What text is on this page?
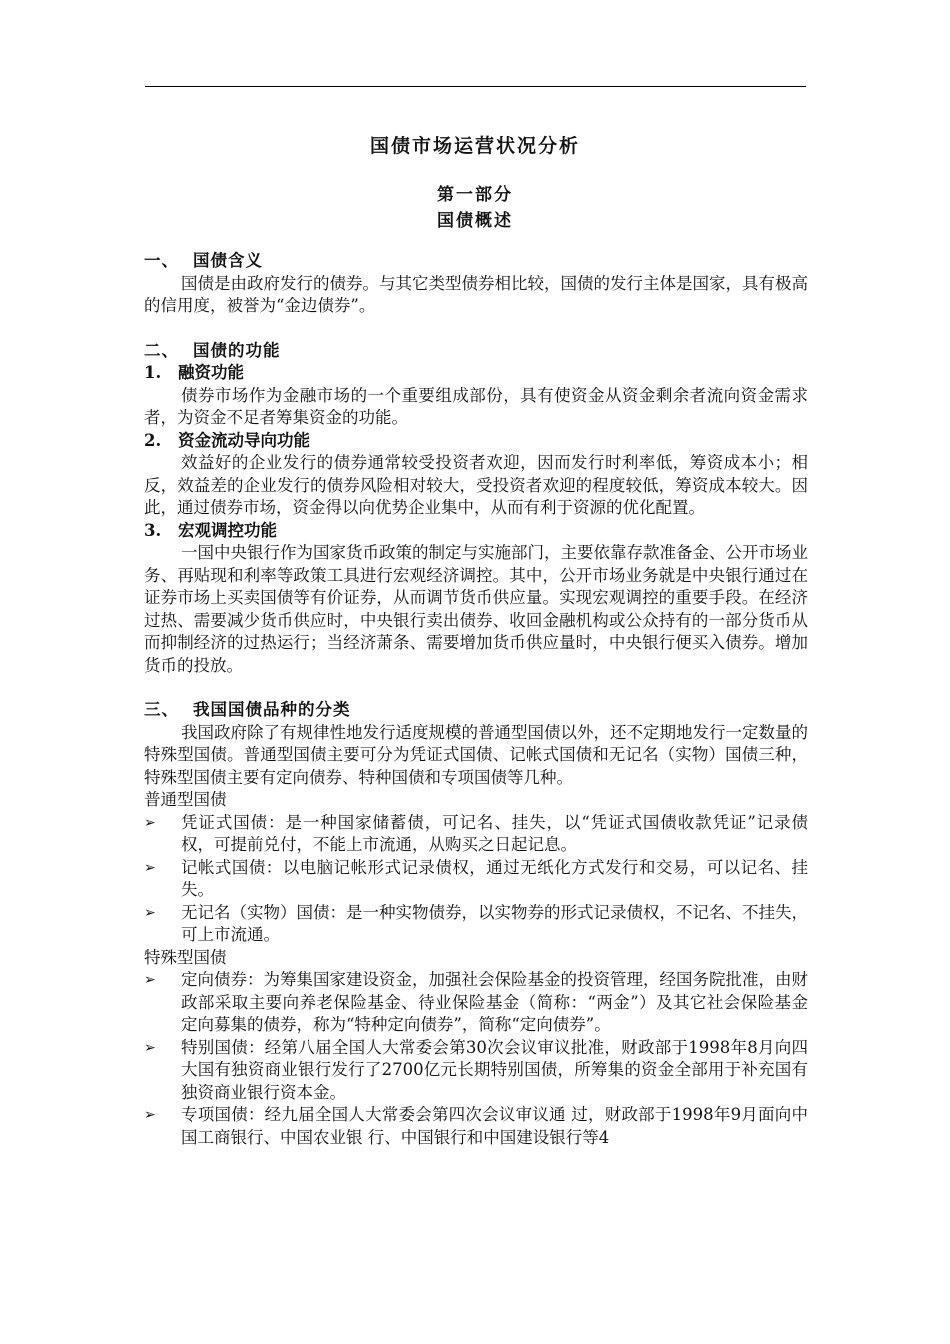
国债市场运营状况分析
第一部分
国债概述
一、 国债含义

国债是由政府发行的债券。与其它类型债券相比较，国债的发行主体是国家，具有极高的信用度，被誉为“金边债券”。

二、 国债的功能
1. 融资功能

债券市场作为金融市场的一个重要组成部份，具有使资金从资金剩余者流向资金需求者，为资金不足者筹集资金的功能。

2. 资金流动导向功能

效益好的企业发行的债券通常较受投资者欢迎，因而发行时利率低，筹资成本小；相反，效益差的企业发行的债券风险相对较大，受投资者欢迎的程度较低，筹资成本较大。因此，通过债券市场，资金得以向优势企业集中，从而有利于资源的优化配置。

3. 宏观调控功能

一国中央银行作为国家货币政策的制定与实施部门，主要依靠存款准备金、公开市场业务、再贴现和利率等政策工具进行宏观经济调控。其中，公开市场业务就是中央银行通过在证券市场上买卖国债等有价证券，从而调节货币供应量。实现宏观调控的重要手段。在经济过热、需要减少货币供应时，中央银行卖出债券、收回金融机构或公众持有的一部分货币从而抑制经济的过热运行；当经济萧条、需要增加货币供应量时，中央银行便买入债券。增加货币的投放。

三、 我国国债品种的分类

我国政府除了有规律性地发行适度规模的普通型国债以外，还不定期地发行一定数量的特殊型国债。普通型国债主要可分为凭证式国债、记帐式国债和无记名（实物）国债三种，特殊型国债主要有定向债券、特种国债和专项国债等几种。

普通型国债

➢ 凭证式国债：是一种国家储蓄债，可记名、挂失，以“凭证式国债收款凭证”记录债权，可提前兑付，不能上市流通，从购买之日起记息。
➢ 记帐式国债：以电脑记帐形式记录债权，通过无纸化方式发行和交易，可以记名、挂失。
➢ 无记名（实物）国债：是一种实物债券，以实物券的形式记录债权，不记名、不挂失，可上市流通。

特殊型国债

➢ 定向债券：为筹集国家建设资金，加强社会保险基金的投资管理，经国务院批准，由财政部采取主要向养老保险基金、待业保险基金（简称：“两金”）及其它社会保险基金定向募集的债券，称为“特种定向债券”，简称“定向债券”。
➢ 特别国债：经第八届全国人大常委会第30次会议审议批准，财政部于1998年8月向四大国有独资商业银行发行了2700亿元长期特别国债，所筹集的资金全部用于补充国有独资商业银行资本金。
➢ 专项国债：经九届全国人大常委会第四次会议审议通 过，财政部于1998年9月面向中国工商银行、中国农业银 行、中国银行和中国建设银行等4
